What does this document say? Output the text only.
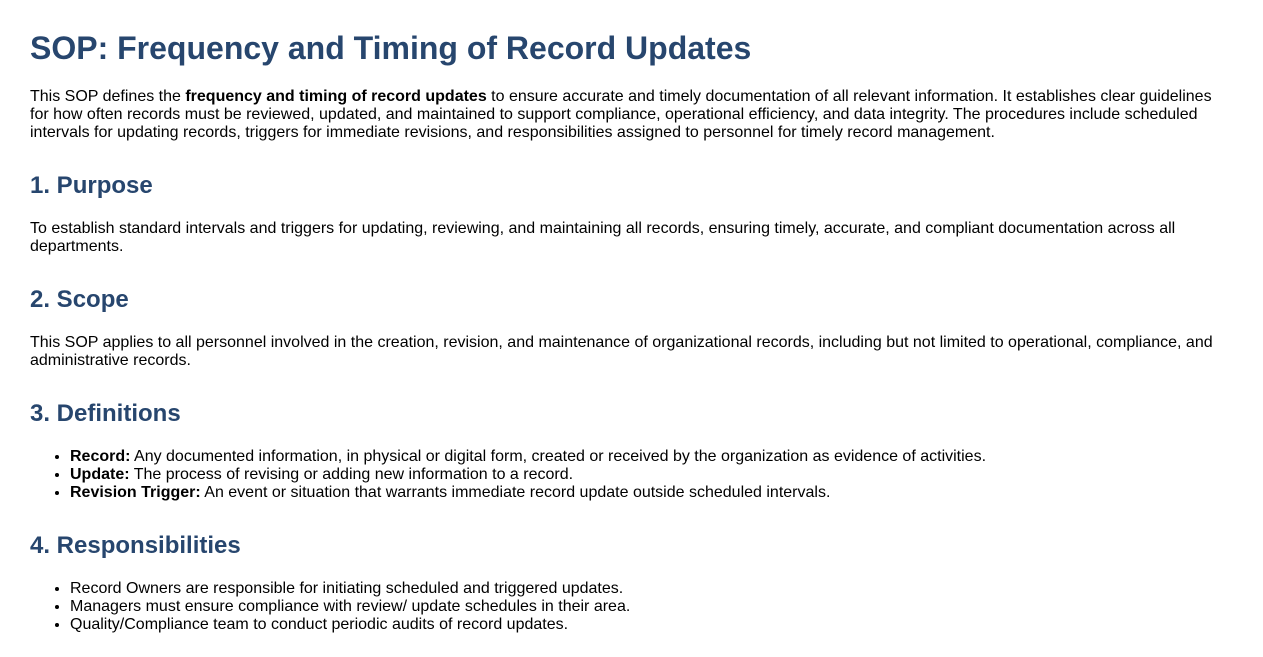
SOP: Frequency and Timing of Record Updates

This SOP defines the frequency and timing of record updates to ensure accurate and timely documentation of all relevant information. It establishes clear guidelines for how often records must be reviewed, updated, and maintained to support compliance, operational efficiency, and data integrity. The procedures include scheduled intervals for updating records, triggers for immediate revisions, and responsibilities assigned to personnel for timely record management.

1. Purpose

To establish standard intervals and triggers for updating, reviewing, and maintaining all records, ensuring timely, accurate, and compliant documentation across all departments.

2. Scope

This SOP applies to all personnel involved in the creation, revision, and maintenance of organizational records, including but not limited to operational, compliance, and administrative records.

3. Definitions
• Record: Any documented information, in physical or digital form, created or received by the organization as evidence of activities.
• Update: The process of revising or adding new information to a record.
• Revision Trigger: An event or situation that warrants immediate record update outside scheduled intervals.
4. Responsibilities
• Record Owners are responsible for initiating scheduled and triggered updates.
• Managers must ensure compliance with review/ update schedules in their area.
• Quality/Compliance team to conduct periodic audits of record updates.
